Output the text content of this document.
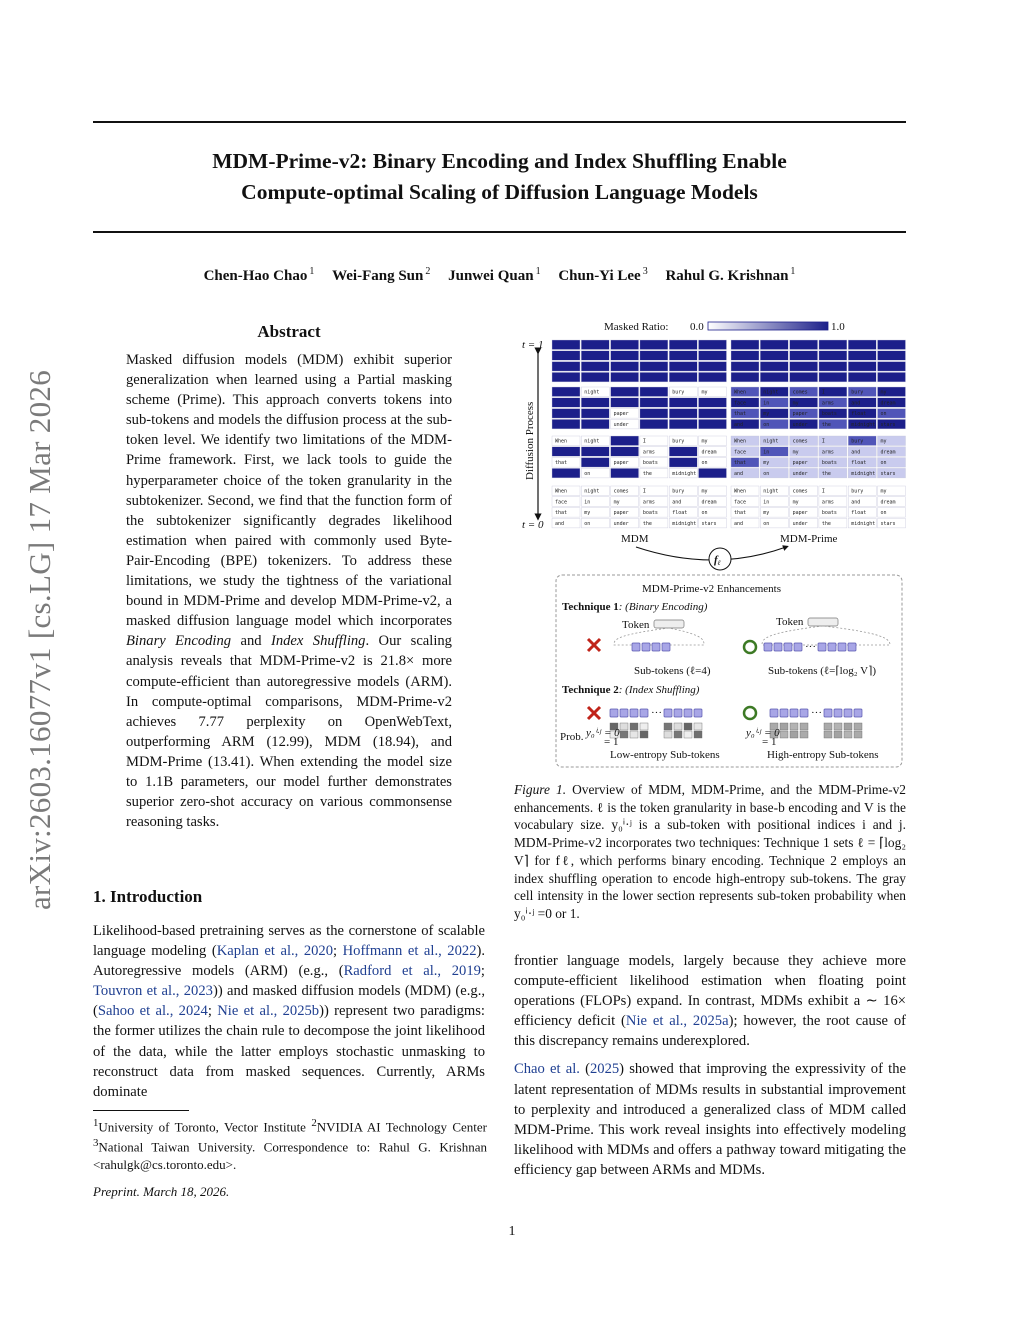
MDM-Prime-v2: Binary Encoding and Index Shuffling Enable
Compute-optimal Scaling of Diffusion Language Models
Chen-Hao Chao $^1$ Wei-Fang Sun $^2$ Junwei Quan $^1$ Chun-Yi Lee $^3$ Rahul G. Krishnan $^1$
arXiv:2603.16077v1 [cs.LG] 17 Mar 2026
Abstract
Masked diffusion models (MDM) exhibit superior generalization when learned using a Partial masking scheme (Prime). This approach converts tokens into sub-tokens and models the diffusion process at the sub-token level. We identify two limitations of the MDM-Prime framework. First, we lack tools to guide the hyperparameter choice of the token granularity in the subtokenizer. Second, we find that the function form of the subtokenizer significantly degrades likelihood estimation when paired with commonly used Byte-Pair-Encoding (BPE) tokenizers. To address these limitations, we study the tightness of the variational bound in MDM-Prime and develop MDM-Prime-v2, a masked diffusion language model which incorporates Binary Encoding and Index Shuffling. Our scaling analysis reveals that MDM-Prime-v2 is 21.8× more compute-efficient than autoregressive models (ARM). In compute-optimal comparisons, MDM-Prime-v2 achieves 7.77 perplexity on OpenWebText, outperforming ARM (12.99), MDM (18.94), and MDM-Prime (13.41). When extending the model size to 1.1B parameters, our model further demonstrates superior zero-shot accuracy on various commonsense reasoning tasks.
1. Introduction
Likelihood-based pretraining serves as the cornerstone of scalable language modeling (Kaplan et al., 2020; Hoffmann et al., 2022). Autoregressive models (ARM) (e.g., (Radford et al., 2019; Touvron et al., 2023)) and masked diffusion models (MDM) (e.g., (Sahoo et al., 2024; Nie et al., 2025b)) represent two paradigms: the former utilizes the chain rule to decompose the joint likelihood of the data, while the latter employs stochastic unmasking to reconstruct data from masked sequences. Currently, ARMs dominate
$^1$University of Toronto, Vector Institute $^2$NVIDIA AI Technology Center $^3$National Taiwan University. Correspondence to: Rahul G. Krishnan <rahulgk@cs.toronto.edu>.
Preprint. March 18, 2026.
Masked Ratio: 0.0	1.0
t = 1
t = 0
Diffusion Process
night	bury	my
paper
under
When	night	I	bury	my
arms	dream
that	paper	boats	on
on	the	midnight
When	night	comes	I	bury	my
face	in	my	arms	and	dream
that	my	paper	boats	float	on
and	on	under	the	midnight stars
When	night	comes	I	bury	my
face	in	my	arms	and	dream
that	my	paper	boats	float	on
and	on	under	the	midnight stars
When	night	comes	I	bury	my
face	in	my	arms	and	dream
that	my	paper	boats	float	on
and	on	under	the	midnight stars
When	night	comes	I	bury	my
face	in	my	arms	and	dream
that	my	paper	boats	float	on
and	on	under	the	midnight stars
MDM	MDM-Prime
fℓ
MDM-Prime-v2 Enhancements
Technique 1: (Binary Encoding)
Token
Sub-tokens (ℓ=4)
Token
···
Sub-tokens (ℓ=⌈log₂ V⌉)
Technique 2: (Index Shuffling)
···	···
Prob. y₀ⁱ·ʲ = 0
= 1
y₀ⁱ·ʲ = 0
= 1
Low-entropy Sub-tokens	High-entropy Sub-tokens
Figure 1. Overview of MDM, MDM-Prime, and the MDM-Prime-v2 enhancements. ℓ is the token granularity in base-b encoding and V is the vocabulary size. y₀ⁱ·ʲ is a sub-token with positional indices i and j. MDM-Prime-v2 incorporates two techniques: Technique 1 sets ℓ = ⌈log₂ V⌉ for fℓ, which performs binary encoding. Technique 2 employs an index shuffling operation to encode high-entropy sub-tokens. The gray cell intensity in the lower section represents sub-token probability when y₀ⁱ·ʲ =0 or 1.

frontier language models, largely because they achieve more compute-efficient likelihood estimation when floating point operations (FLOPs) expand. In contrast, MDMs exhibit a ∼ 16× efficiency deficit (Nie et al., 2025a); however, the root cause of this discrepancy remains underexplored.

Chao et al. (2025) showed that improving the expressivity of the latent representation of MDMs results in substantial improvement to perplexity and introduced a generalized class of MDM called MDM-Prime. This work reveal insights into effectively modeling likelihood with MDMs and offers a pathway toward mitigating the efficiency gap between ARMs and MDMs.

1
